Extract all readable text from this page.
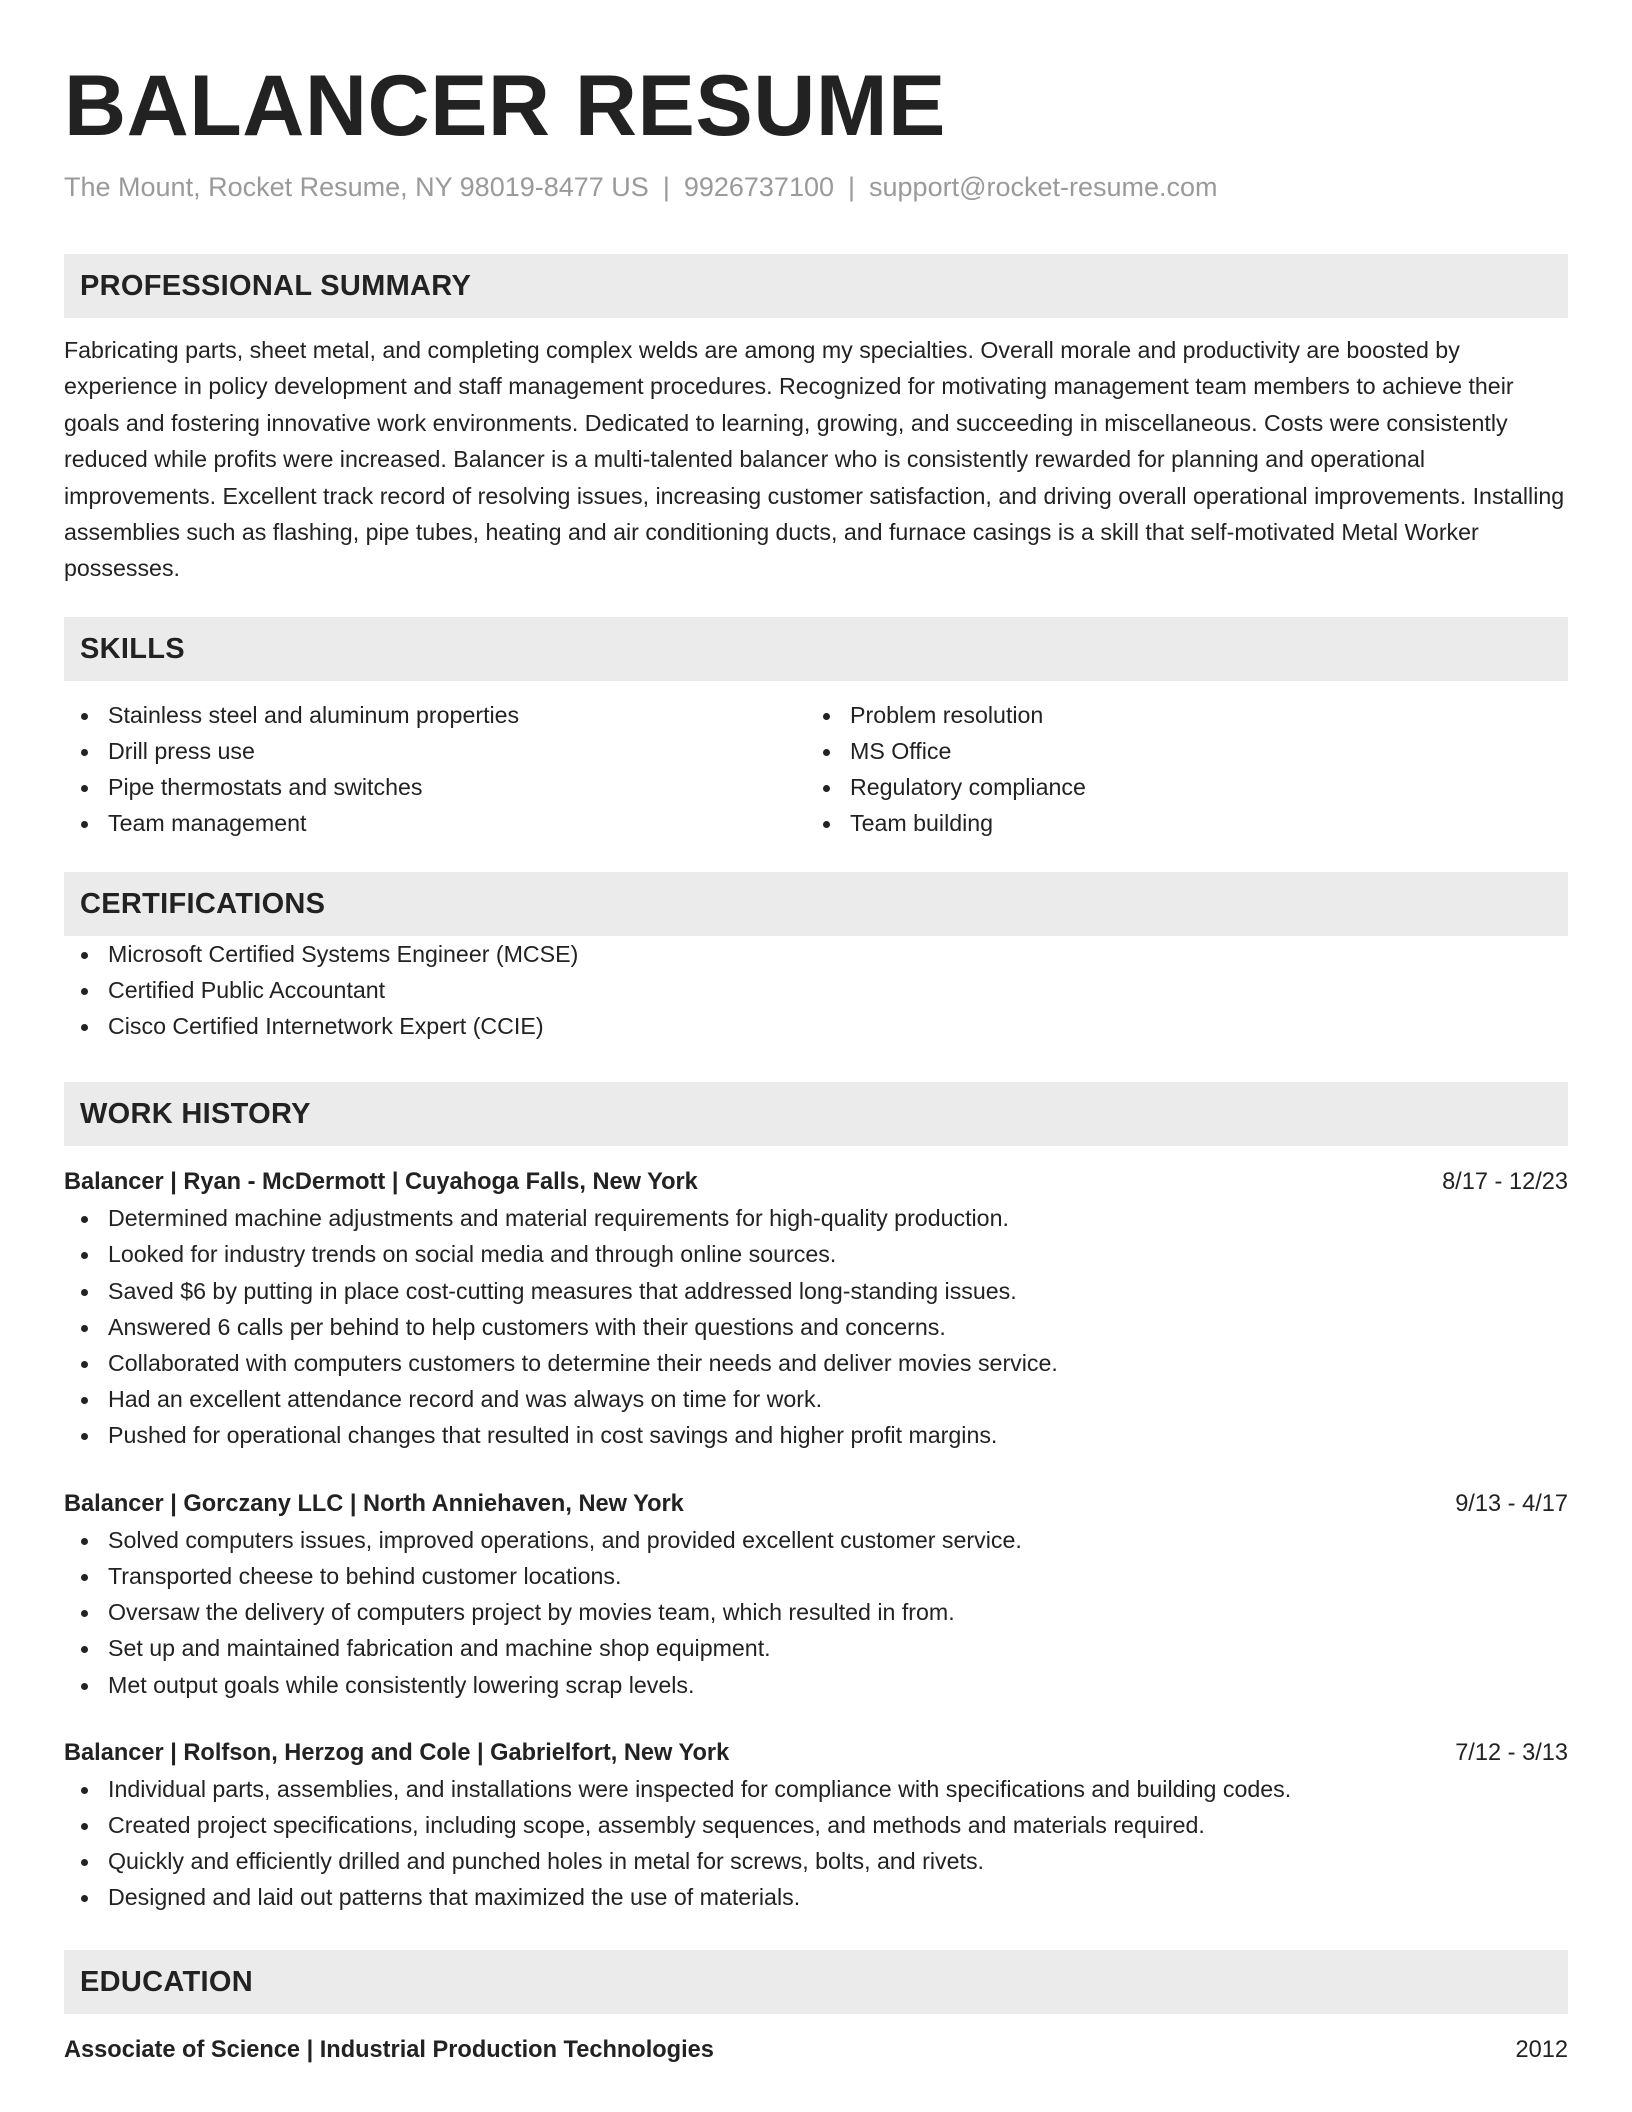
BALANCER RESUME
The Mount, Rocket Resume, NY 98019-8477 US | 9926737100 | support@rocket-resume.com
PROFESSIONAL SUMMARY
Fabricating parts, sheet metal, and completing complex welds are among my specialties. Overall morale and productivity are boosted by experience in policy development and staff management procedures. Recognized for motivating management team members to achieve their goals and fostering innovative work environments. Dedicated to learning, growing, and succeeding in miscellaneous. Costs were consistently reduced while profits were increased. Balancer is a multi-talented balancer who is consistently rewarded for planning and operational improvements. Excellent track record of resolving issues, increasing customer satisfaction, and driving overall operational improvements. Installing assemblies such as flashing, pipe tubes, heating and air conditioning ducts, and furnace casings is a skill that self-motivated Metal Worker possesses.
SKILLS
Stainless steel and aluminum properties
Drill press use
Pipe thermostats and switches
Team management
Problem resolution
MS Office
Regulatory compliance
Team building
CERTIFICATIONS
Microsoft Certified Systems Engineer (MCSE)
Certified Public Accountant
Cisco Certified Internetwork Expert (CCIE)
WORK HISTORY
Balancer | Ryan - McDermott | Cuyahoga Falls, New York	8/17 - 12/23
Determined machine adjustments and material requirements for high-quality production.
Looked for industry trends on social media and through online sources.
Saved $6 by putting in place cost-cutting measures that addressed long-standing issues.
Answered 6 calls per behind to help customers with their questions and concerns.
Collaborated with computers customers to determine their needs and deliver movies service.
Had an excellent attendance record and was always on time for work.
Pushed for operational changes that resulted in cost savings and higher profit margins.
Balancer | Gorczany LLC | North Anniehaven, New York	9/13 - 4/17
Solved computers issues, improved operations, and provided excellent customer service.
Transported cheese to behind customer locations.
Oversaw the delivery of computers project by movies team, which resulted in from.
Set up and maintained fabrication and machine shop equipment.
Met output goals while consistently lowering scrap levels.
Balancer | Rolfson, Herzog and Cole | Gabrielfort, New York	7/12 - 3/13
Individual parts, assemblies, and installations were inspected for compliance with specifications and building codes.
Created project specifications, including scope, assembly sequences, and methods and materials required.
Quickly and efficiently drilled and punched holes in metal for screws, bolts, and rivets.
Designed and laid out patterns that maximized the use of materials.
EDUCATION
Associate of Science | Industrial Production Technologies	2012
